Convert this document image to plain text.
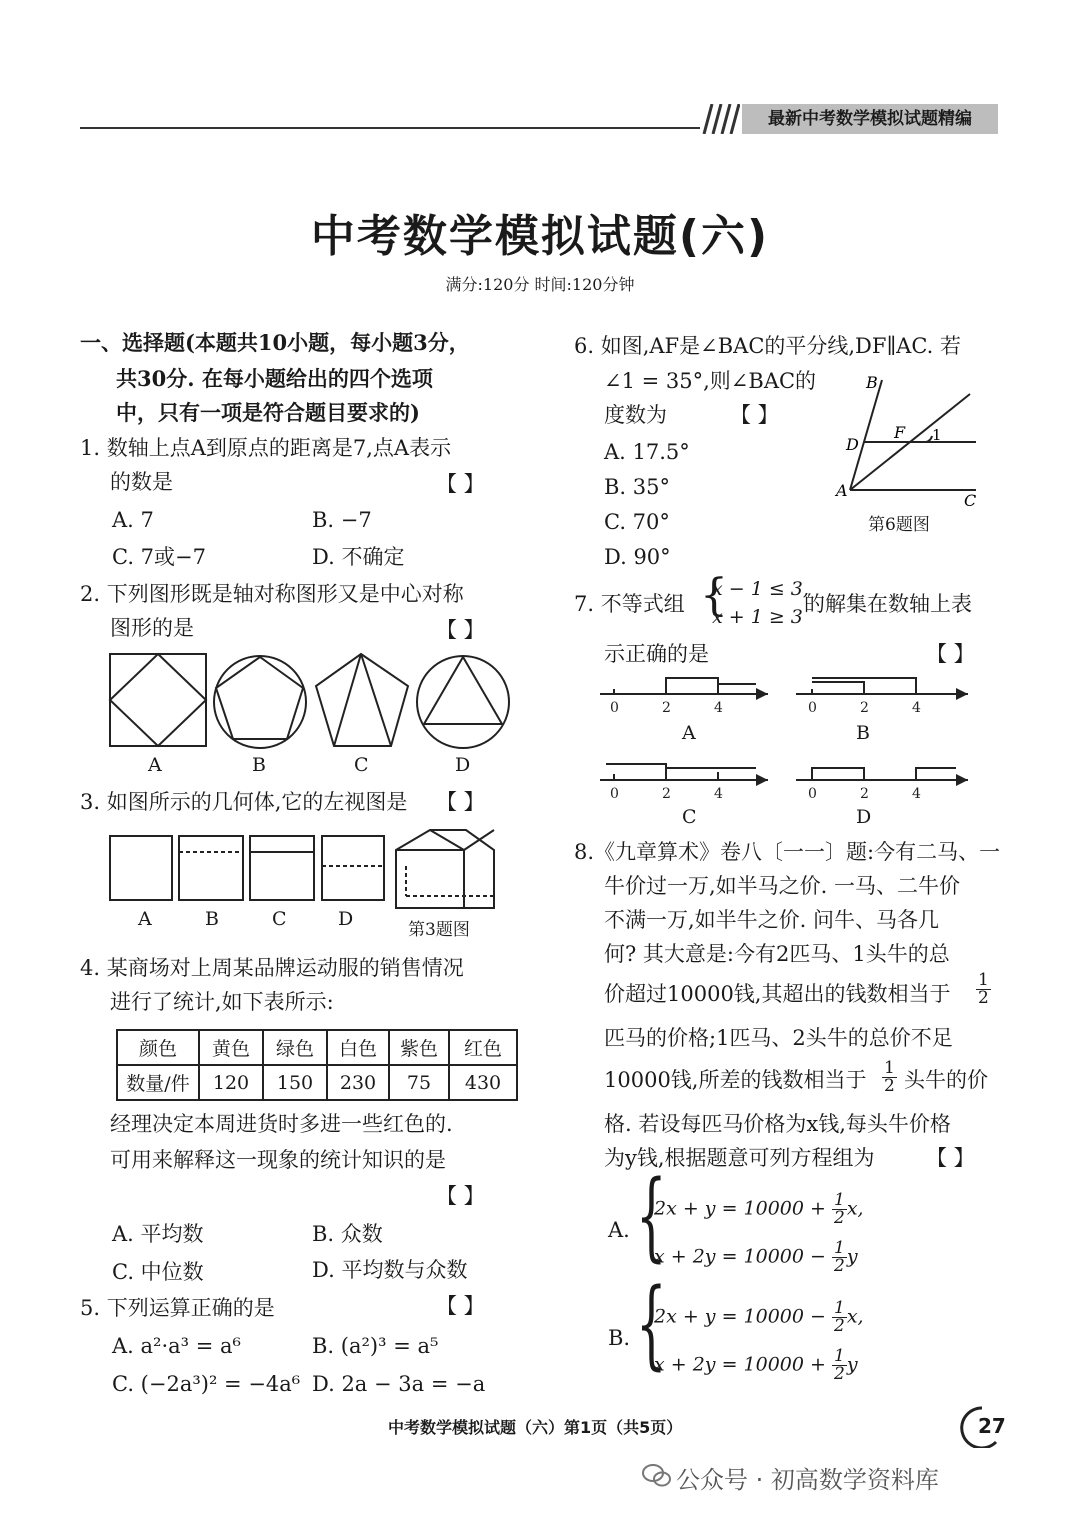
最新中考数学模拟试题精编
中考数学模拟试题(六)
满分:120分 时间:120分钟
一、选择题(本题共10小题，每小题3分，
共30分. 在每小题给出的四个选项
中，只有一项是符合题目要求的)
1. 数轴上点A到原点的距离是7,点A表示
的数是	【 】
A. 7	B. −7
C. 7或−7	D. 不确定
2. 下列图形既是轴对称图形又是中心对称
图形的是	【 】
A	B	C	D
3. 如图所示的几何体,它的左视图是 【 】
A	B	C	D	第3题图
4. 某商场对上周某品牌运动服的销售情况
进行了统计,如下表所示:
颜色	黄色	绿色	白色	紫色	红色
数量/件	120	150	230	75	430
经理决定本周进货时多进一些红色的.
可用来解释这一现象的统计知识的是
【 】
A. 平均数	B. 众数
C. 中位数	D. 平均数与众数
5. 下列运算正确的是	【 】
A. a²·a³ = a⁶	B. (a²)³ = a⁵
C. (−2a³)² = −4a⁶ D. 2a − 3a = −a
6. 如图,AF是∠BAC的平分线,DF∥AC. 若
∠1 = 35°,则∠BAC的
度数为	【 】
A. 17.5°
B. 35°
C. 70°
D. 90°
B
D
F 1
A
C
第6题图
7. 不等式组 {
x − 1 ≤ 3,
x + 1 ≥ 3
的解集在数轴上表
示正确的是	【 】
0	2	4	0	2	4
0	2	4	0	2	4
A	B
C	D
8.《九章算术》卷八〔一一〕题:今有二马、一
牛价过一万,如半马之价. 一马、二牛价
不满一万,如半牛之价. 问牛、马各几
何? 其大意是:今有2匹马、1头牛的总
价超过10000钱,其超出的钱数相当于 $\frac{1}{2}$
匹马的价格;1匹马、2头牛的总价不足
10000钱,所差的钱数相当于 $\frac{1}{2}$ 头牛的价
格. 若设每匹马价格为x钱,每头牛价格
为y钱,根据题意可列方程组为 【 】
A. {
$2x + y = 10000 + \frac{1}{2} x$,
$x + 2y = 10000 - \frac{1}{2}$ y
B. {
$2x + y = 10000 - \frac{1}{2} x$,
$x + 2y = 10000 + \frac{1}{2}$ y
中考数学模拟试题（六）第1页（共5页）	27
公众号 · 初高数学资料库
